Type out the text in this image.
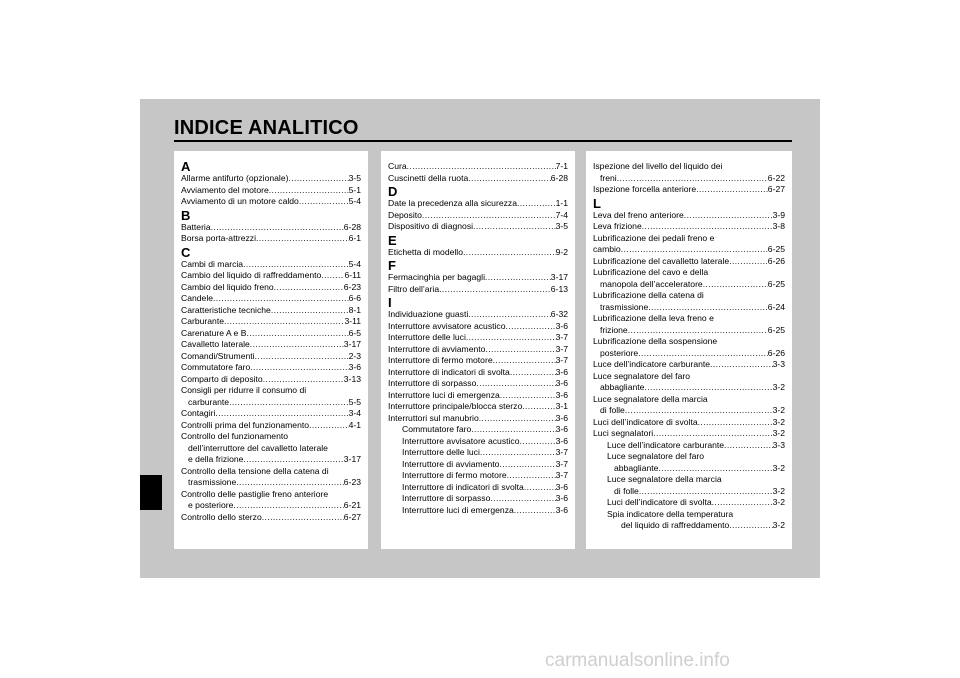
INDICE ANALITICO
A
Allarme antifurto (opzionale) .....	3-5
Avviamento del motore .....	5-1
Avviamento di un motore caldo .....	5-4
B
Batteria .....	6-28
Borsa porta-attrezzi .....	6-1
C
Cambi di marcia .....	5-4
Cambio del liquido di raffreddamento .....	6-11
Cambio del liquido freno .....	6-23
Candele .....	6-6
Caratteristiche tecniche .....	8-1
Carburante .....	3-11
Carenature A e B .....	6-5
Cavalletto laterale .....	3-17
Comandi/Strumenti .....	2-3
Commutatore faro .....	3-6
Comparto di deposito .....	3-13
Consigli per ridurre il consumo di
carburante .....	5-5
Contagiri .....	3-4
Controlli prima del funzionamento .....	4-1
Controllo del funzionamento
dell’interruttore del cavalletto laterale
e della frizione .....	3-17
Controllo della tensione della catena di
trasmissione .....	6-23
Controllo delle pastiglie freno anteriore
e posteriore .....	6-21
Controllo dello sterzo .....	6-27
Cura .....	7-1
Cuscinetti della ruota .....	6-28
D
Date la precedenza alla sicurezza .....	1-1
Deposito .....	7-4
Dispositivo di diagnosi .....	3-5
E
Etichetta di modello .....	9-2
F
Fermacinghia per bagagli .....	3-17
Filtro dell’aria .....	6-13
I
Individuazione guasti .....	6-32
Interruttore avvisatore acustico .....	3-6
Interruttore delle luci .....	3-7
Interruttore di avviamento .....	3-7
Interruttore di fermo motore .....	3-7
Interruttore di indicatori di svolta .....	3-6
Interruttore di sorpasso .....	3-6
Interruttore luci di emergenza .....	3-6
Interruttore principale/blocca sterzo .....	3-1
Interruttori sul manubrio .....	3-6
Commutatore faro .....	3-6
Interruttore avvisatore acustico .....	3-6
Interruttore delle luci .....	3-7
Interruttore di avviamento .....	3-7
Interruttore di fermo motore .....	3-7
Interruttore di indicatori di svolta .....	3-6
Interruttore di sorpasso .....	3-6
Interruttore luci di emergenza .....	3-6
Ispezione del livello del liquido dei
freni .....	6-22
Ispezione forcella anteriore .....	6-27
L
Leva del freno anteriore .....	3-9
Leva frizione .....	3-8
Lubrificazione dei pedali freno e
cambio .....	6-25
Lubrificazione del cavalletto laterale .....	6-26
Lubrificazione del cavo e della
manopola dell’acceleratore .....	6-25
Lubrificazione della catena di
trasmissione .....	6-24
Lubrificazione della leva freno e
frizione .....	6-25
Lubrificazione della sospensione
posteriore .....	6-26
Luce dell’indicatore carburante .....	3-3
Luce segnalatore del faro
abbagliante .....	3-2
Luce segnalatore della marcia
di folle .....	3-2
Luci dell’indicatore di svolta .....	3-2
Luci segnalatori .....	3-2
Luce dell’indicatore carburante .....	3-3
Luce segnalatore del faro
abbagliante .....	3-2
Luce segnalatore della marcia
di folle .....	3-2
Luci dell’indicatore di svolta .....	3-2
Spia indicatore della temperatura
del liquido di raffreddamento .....	3-2
carmanualsonline.info
